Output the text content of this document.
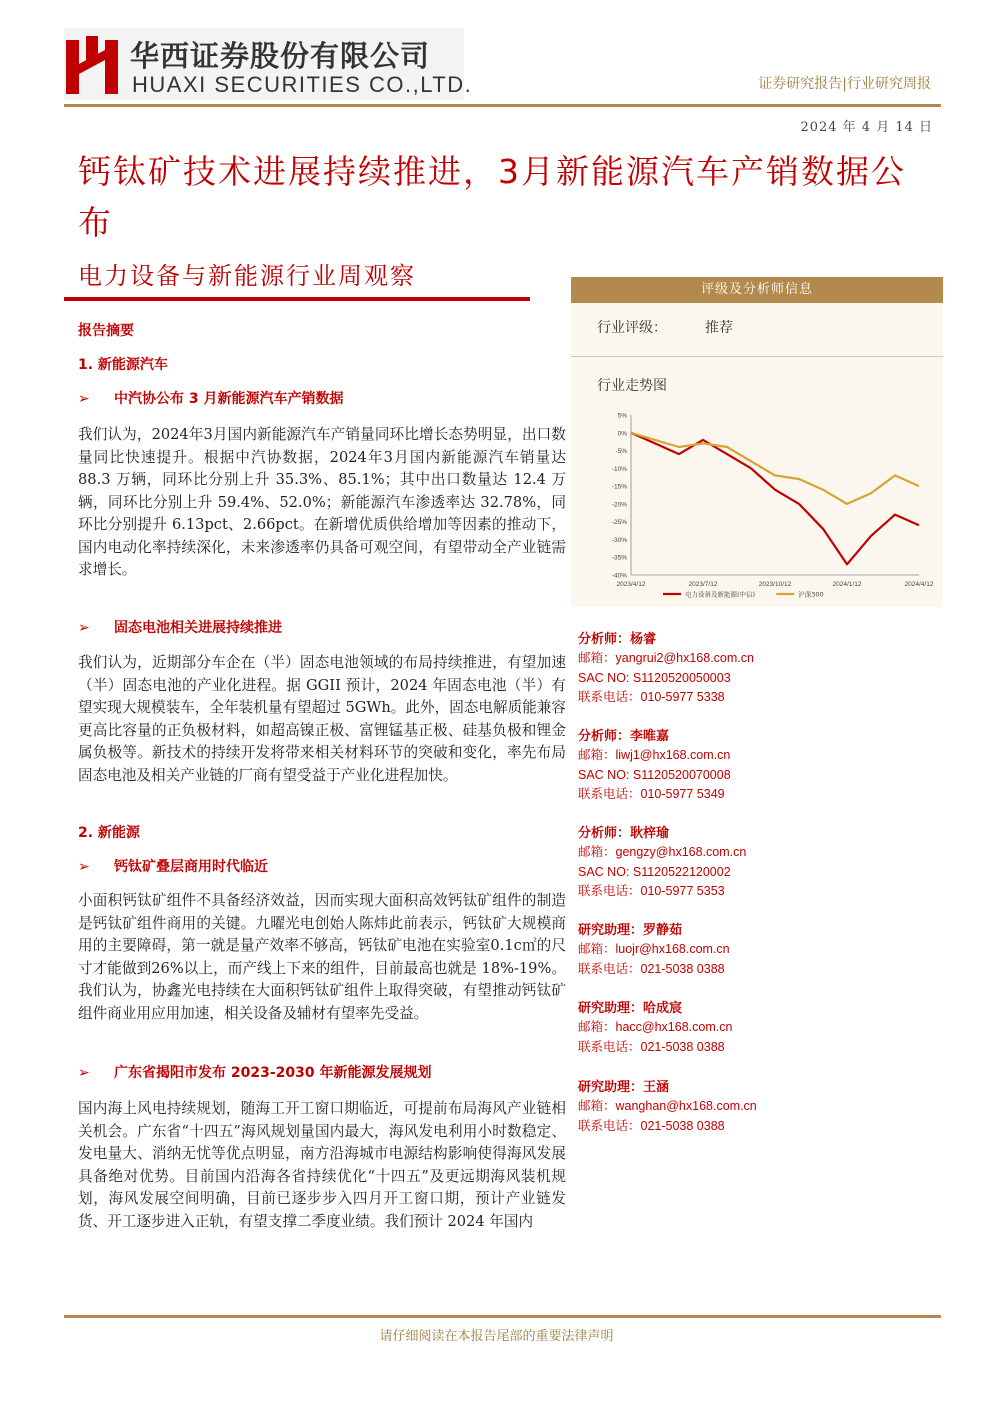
华西证券股份有限公司
HUAXI SECURITIES CO.,LTD.	证券研究报告|行业研究周报
2024 年 4 月 14 日
钙钛矿技术进展持续推进，3月新能源汽车产销数据公布
电力设备与新能源行业周观察
报告摘要
1. 新能源汽车
➢ 中汽协公布 3 月新能源汽车产销数据
我们认为，2024年3月国内新能源汽车产销量同环比增长态势明显，出口数量同比快速提升。根据中汽协数据，2024年3月国内新能源汽车销量达 88.3 万辆，同环比分别上升 35.3%、85.1%；其中出口数量达 12.4 万辆，同环比分别上升 59.4%、52.0%；新能源汽车渗透率达 32.78%，同环比分别提升 6.13pct、2.66pct。在新增优质供给增加等因素的推动下，国内电动化率持续深化，未来渗透率仍具备可观空间，有望带动全产业链需求增长。
➢ 固态电池相关进展持续推进
我们认为，近期部分车企在（半）固态电池领域的布局持续推进，有望加速（半）固态电池的产业化进程。据 GGII 预计，2024 年固态电池（半）有望实现大规模装车，全年装机量有望超过 5GWh。此外，固态电解质能兼容更高比容量的正负极材料，如超高镍正极、富锂锰基正极、硅基负极和锂金属负极等。新技术的持续开发将带来相关材料环节的突破和变化，率先布局固态电池及相关产业链的厂商有望受益于产业化进程加快。
2. 新能源
➢ 钙钛矿叠层商用时代临近
小面积钙钛矿组件不具备经济效益，因而实现大面积高效钙钛矿组件的制造是钙钛矿组件商用的关键。九曜光电创始人陈炜此前表示，钙钛矿大规模商用的主要障碍，第一就是量产效率不够高，钙钛矿电池在实验室0.1c㎡的尺寸才能做到26%以上，而产线上下来的组件，目前最高也就是 18%-19%。我们认为，协鑫光电持续在大面积钙钛矿组件上取得突破，有望推动钙钛矿组件商业用应用加速，相关设备及辅材有望率先受益。
➢ 广东省揭阳市发布 2023-2030 年新能源发展规划
国内海上风电持续规划，随海工开工窗口期临近，可提前布局海风产业链相关机会。广东省“十四五”海风规划量国内最大，海风发电利用小时数稳定、发电量大、消纳无忧等优点明显，南方沿海城市电源结构影响使得海风发展具备绝对优势。目前国内沿海各省持续优化“十四五”及更远期海风装机规划，海风发展空间明确，目前已逐步步入四月开工窗口期，预计产业链发货、开工逐步进入正轨，有望支撑二季度业绩。我们预计 2024 年国内
评级及分析师信息
行业评级：	推荐
行业走势图
5%
0%
-5%
-10%
-15%
-20%
-25%
-30%
-35%
-40%
2023/4/12	2023/7/12	2023/10/12	2024/1/12	2024/4/12
电力设备及新能源(中信)	沪深300
分析师：杨睿
邮箱：yangrui2@hx168.com.cn
SAC NO: S1120520050003
联系电话：010-5977 5338
分析师：李唯嘉
邮箱：liwj1@hx168.com.cn
SAC NO: S1120520070008
联系电话：010-5977 5349
分析师：耿梓瑜
邮箱：gengzy@hx168.com.cn
SAC NO: S1120522120002
联系电话：010-5977 5353
研究助理：罗静茹
邮箱：luojr@hx168.com.cn
联系电话：021-5038 0388
研究助理：哈成宸
邮箱：hacc@hx168.com.cn
联系电话：021-5038 0388
研究助理：王涵
邮箱：wanghan@hx168.com.cn
联系电话：021-5038 0388
请仔细阅读在本报告尾部的重要法律声明
